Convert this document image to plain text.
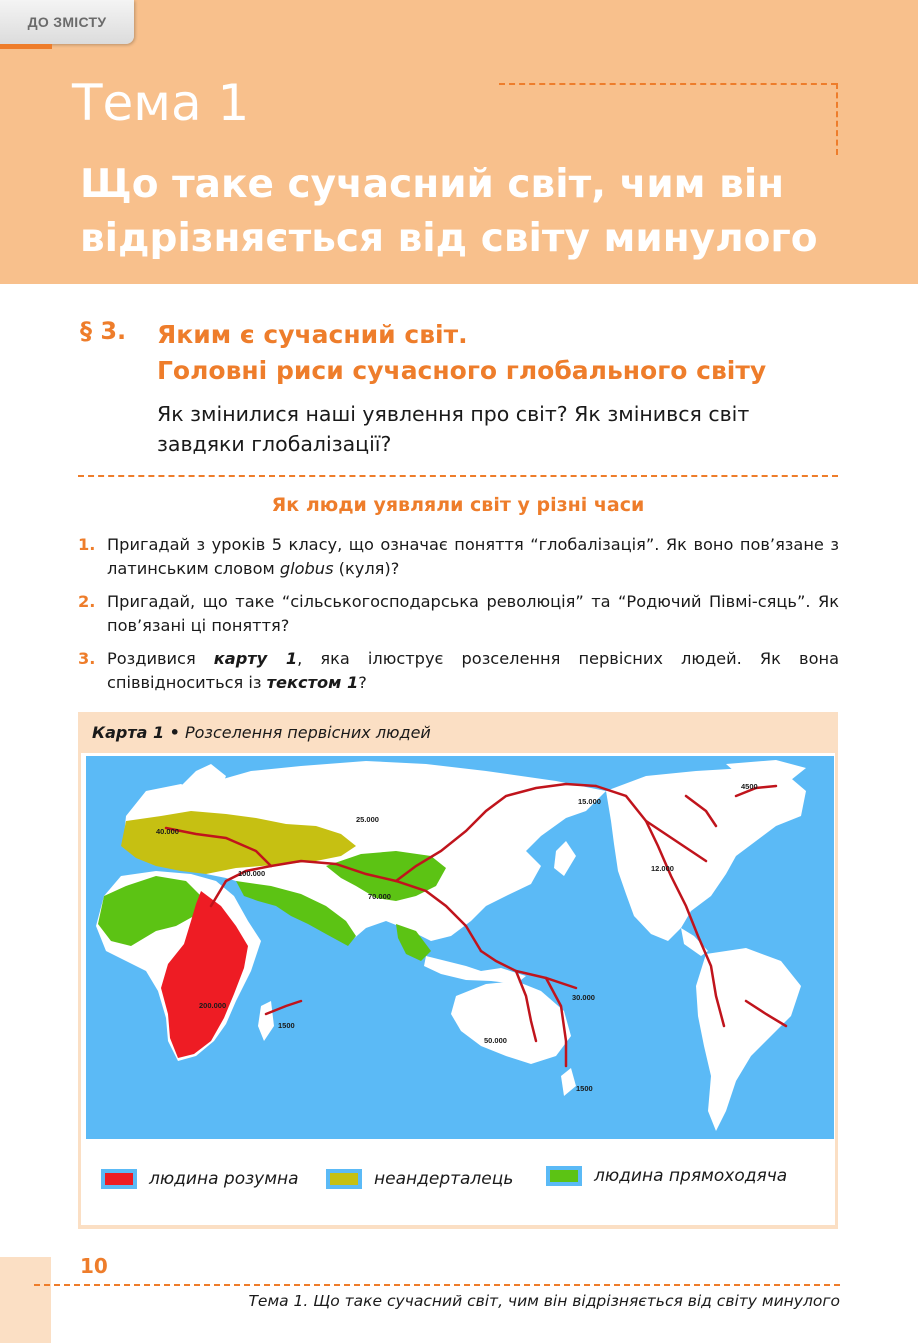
ДО ЗМІСТУ
Тема 1
Що таке сучасний світ, чим він
відрізняється від світу минулого
§ 3. Яким є сучасний світ.
Головні риси сучасного глобального світу
Як змінилися наші уявлення про світ? Як змінився світ
завдяки глобалізації?
Як люди уявляли світ у різні часи
1. Пригадай з уроків 5 класу, що означає поняття “глобалізація”. Як воно пов’язане з латинським словом globus (куля)?
2. Пригадай, що таке “сільськогосподарська революція” та “Родючий Півмі-сяць”. Як пов’язані ці поняття?
3. Роздивися карту 1, яка ілюструє розселення первісних людей. Як вона співвідноситься із текстом 1?
Карта 1 • Розселення первісних людей
40.000
25.000
15.000
4500
100.000
70.000
12.000
200.000
1500
30.000
50.000
1500
людина розумна	неандерталець	людина прямоходяча
10
Тема 1. Що таке сучасний світ, чим він відрізняється від світу минулого
